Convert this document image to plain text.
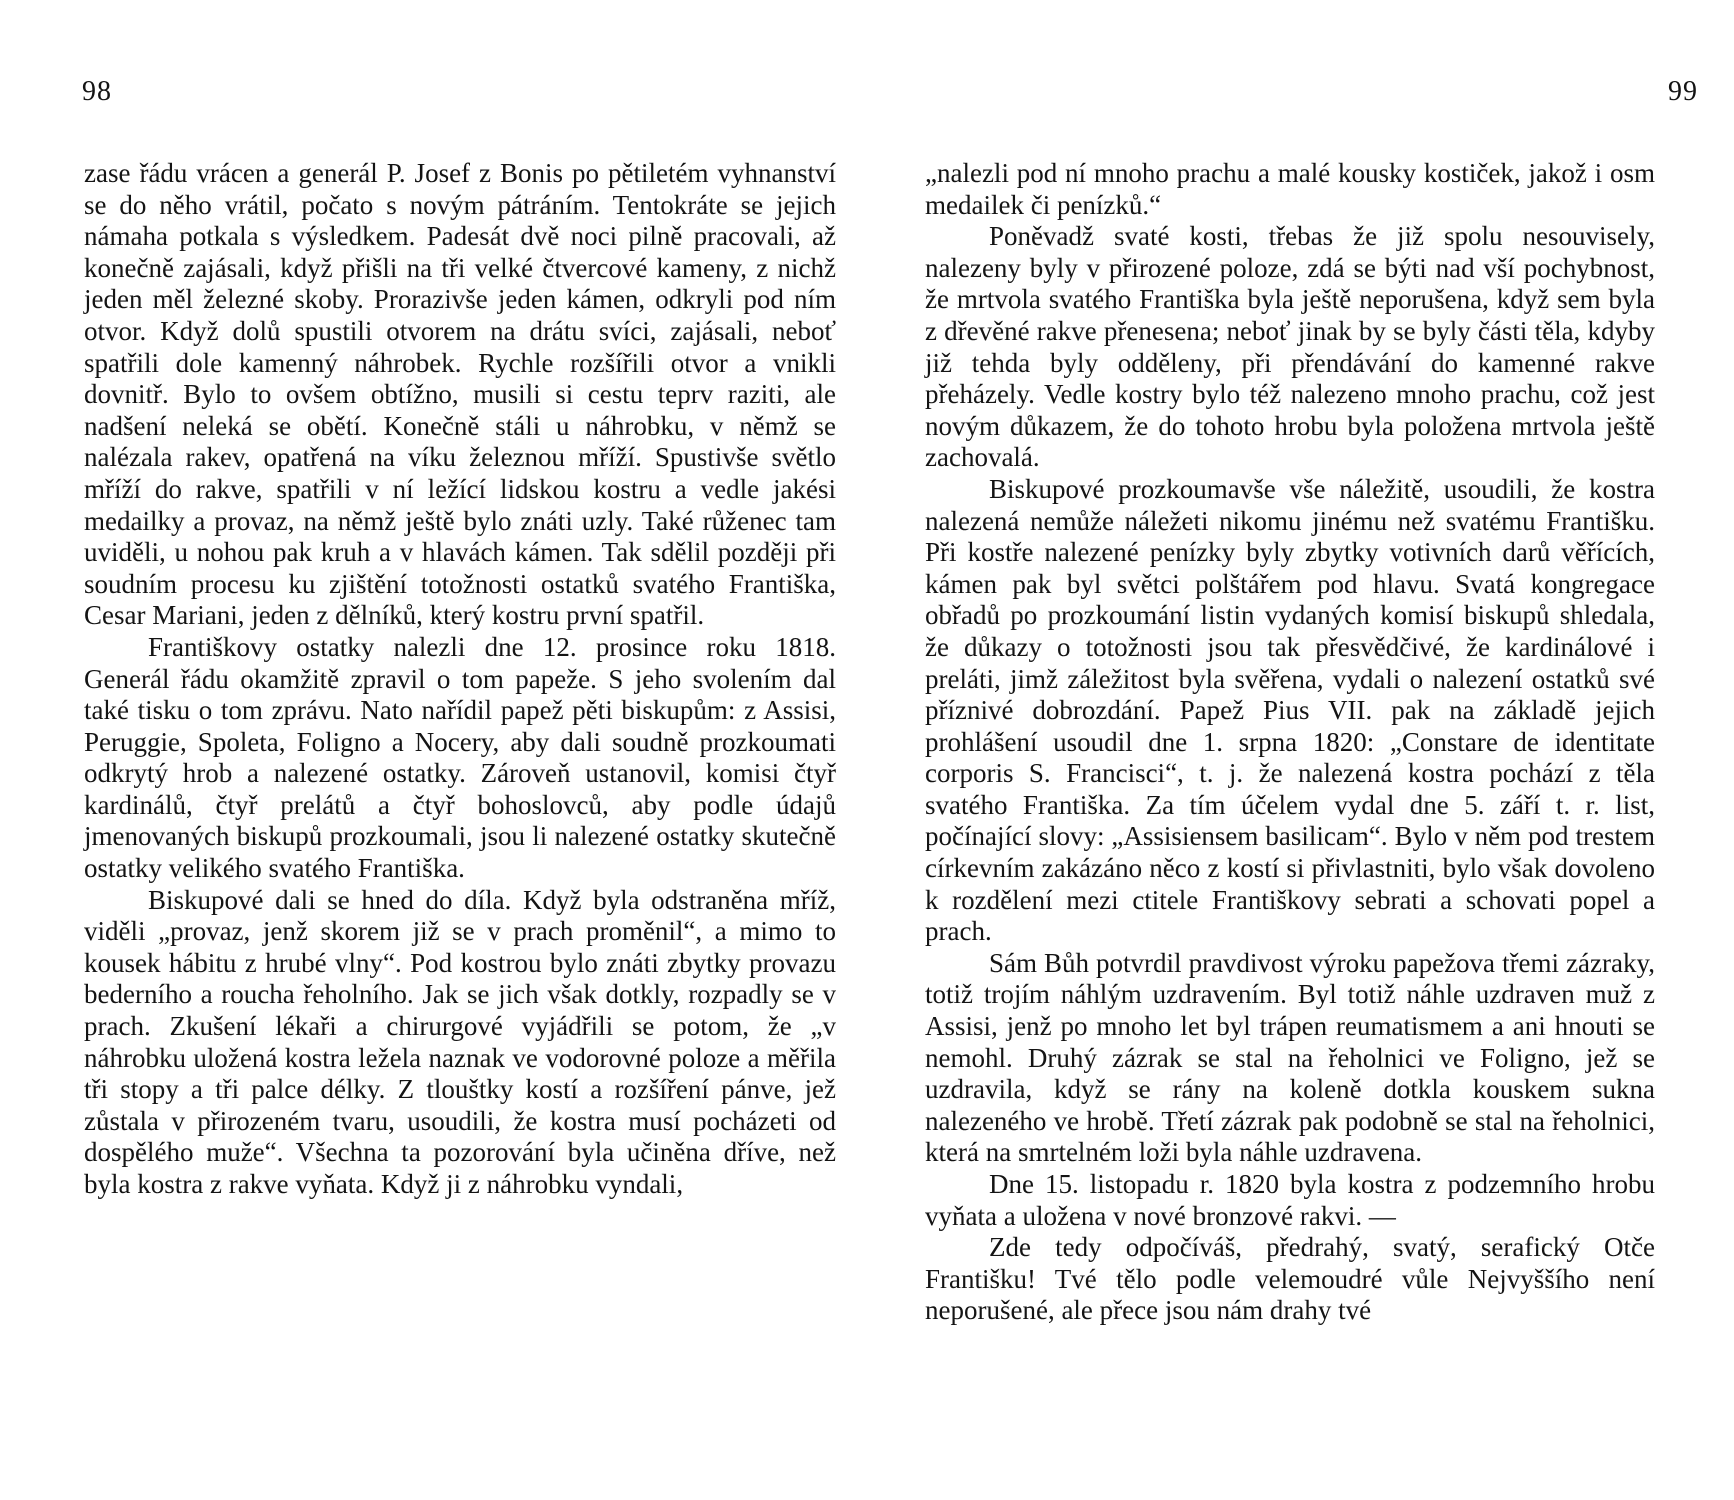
98

zase řádu vrácen a generál P. Josef z Bonis po pětiletém vyhnanství se do něho vrátil, počato s novým pátráním. Tentokráte se jejich námaha potkala s výsledkem. Padesát dvě noci pilně pracovali, až konečně zajásali, když přišli na tři velké čtvercové kameny, z nichž jeden měl železné skoby. Prorazivše jeden kámen, odkryli pod ním otvor. Když dolů spustili otvorem na drátu svíci, zajásali, neboť spatřili dole kamenný náhrobek. Rychle rozšířili otvor a vnikli dovnitř. Bylo to ovšem obtížno, musili si cestu teprv raziti, ale nadšení neleká se obětí. Konečně stáli u náhrobku, v němž se nalézala rakev, opatřená na víku železnou mříží. Spustivše světlo mříží do rakve, spatřili v ní ležící lidskou kostru a vedle jakési medailky a provaz, na němž ještě bylo znáti uzly. Také růženec tam uviděli, u nohou pak kruh a v hlavách kámen. Tak sdělil později při soudním procesu ku zjištění totožnosti ostatků svatého Františka, Cesar Mariani, jeden z dělníků, který kostru první spatřil.

Františkovy ostatky nalezli dne 12. prosince roku 1818. Generál řádu okamžitě zpravil o tom papeže. S jeho svolením dal také tisku o tom zprávu. Nato nařídil papež pěti biskupům: z Assisi, Peruggie, Spoleta, Foligno a Nocery, aby dali soudně prozkoumati odkrytý hrob a nalezené ostatky. Zároveň ustanovil, komisi čtyř kardinálů, čtyř prelátů a čtyř bohoslovců, aby podle údajů jmenovaných biskupů prozkoumali, jsou li nalezené ostatky skutečně ostatky velikého svatého Františka.

Biskupové dali se hned do díla. Když byla odstraněna mříž, viděli „provaz, jenž skorem již se v prach proměnil“, a mimo to kousek hábitu z hrubé vlny“. Pod kostrou bylo znáti zbytky provazu bederního a roucha řeholního. Jak se jich však dotkly, rozpadly se v prach. Zkušení lékaři a chirurgové vyjádřili se potom, že „v náhrobku uložená kostra ležela naznak ve vodorovné poloze a měřila tři stopy a tři palce délky. Z tlouštky kostí a rozšíření pánve, jež zůstala v přirozeném tvaru, usoudili, že kostra musí pocházeti od dospělého muže“. Všechna ta pozorování byla učiněna dříve, než byla kostra z rakve vyňata. Když ji z náhrobku vyndali,

99

„nalezli pod ní mnoho prachu a malé kousky kostiček, jakož i osm medailek či penízků.“

Poněvadž svaté kosti, třebas že již spolu nesouvisely, nalezeny byly v přirozené poloze, zdá se býti nad vší pochybnost, že mrtvola svatého Františka byla ještě neporušena, když sem byla z dřevěné rakve přenesena; neboť jinak by se byly části těla, kdyby již tehda byly odděleny, při přendávání do kamenné rakve přeházely. Vedle kostry bylo též nalezeno mnoho prachu, což jest novým důkazem, že do tohoto hrobu byla položena mrtvola ještě zachovalá.

Biskupové prozkoumavše vše náležitě, usoudili, že kostra nalezená nemůže náležeti nikomu jinému než svatému Františku. Při kostře nalezené penízky byly zbytky votivních darů věřících, kámen pak byl světci polštářem pod hlavu. Svatá kongregace obřadů po prozkoumání listin vydaných komisí biskupů shledala, že důkazy o totožnosti jsou tak přesvědčivé, že kardinálové i preláti, jimž záležitost byla svěřena, vydali o nalezení ostatků své příznivé dobrozdání. Papež Pius VII. pak na základě jejich prohlášení usoudil dne 1. srpna 1820: „Constare de identitate corporis S. Francisci“, t. j. že nalezená kostra pochází z těla svatého Františka. Za tím účelem vydal dne 5. září t. r. list, počínající slovy: „Assisiensem basilicam“. Bylo v něm pod trestem církevním zakázáno něco z kostí si přivlastniti, bylo však dovoleno k rozdělení mezi ctitele Františkovy sebrati a schovati popel a prach.

Sám Bůh potvrdil pravdivost výroku papežova třemi zázraky, totiž trojím náhlým uzdravením. Byl totiž náhle uzdraven muž z Assisi, jenž po mnoho let byl trápen reumatismem a ani hnouti se nemohl. Druhý zázrak se stal na řeholnici ve Foligno, jež se uzdravila, když se rány na koleně dotkla kouskem sukna nalezeného ve hrobě. Třetí zázrak pak podobně se stal na řeholnici, která na smrtelném loži byla náhle uzdravena.

Dne 15. listopadu r. 1820 byla kostra z podzemního hrobu vyňata a uložena v nové bronzové rakvi. —

Zde tedy odpočíváš, předrahý, svatý, serafický Otče Františku! Tvé tělo podle velemoudré vůle Nejvyššího není neporušené, ale přece jsou nám drahy tvé
